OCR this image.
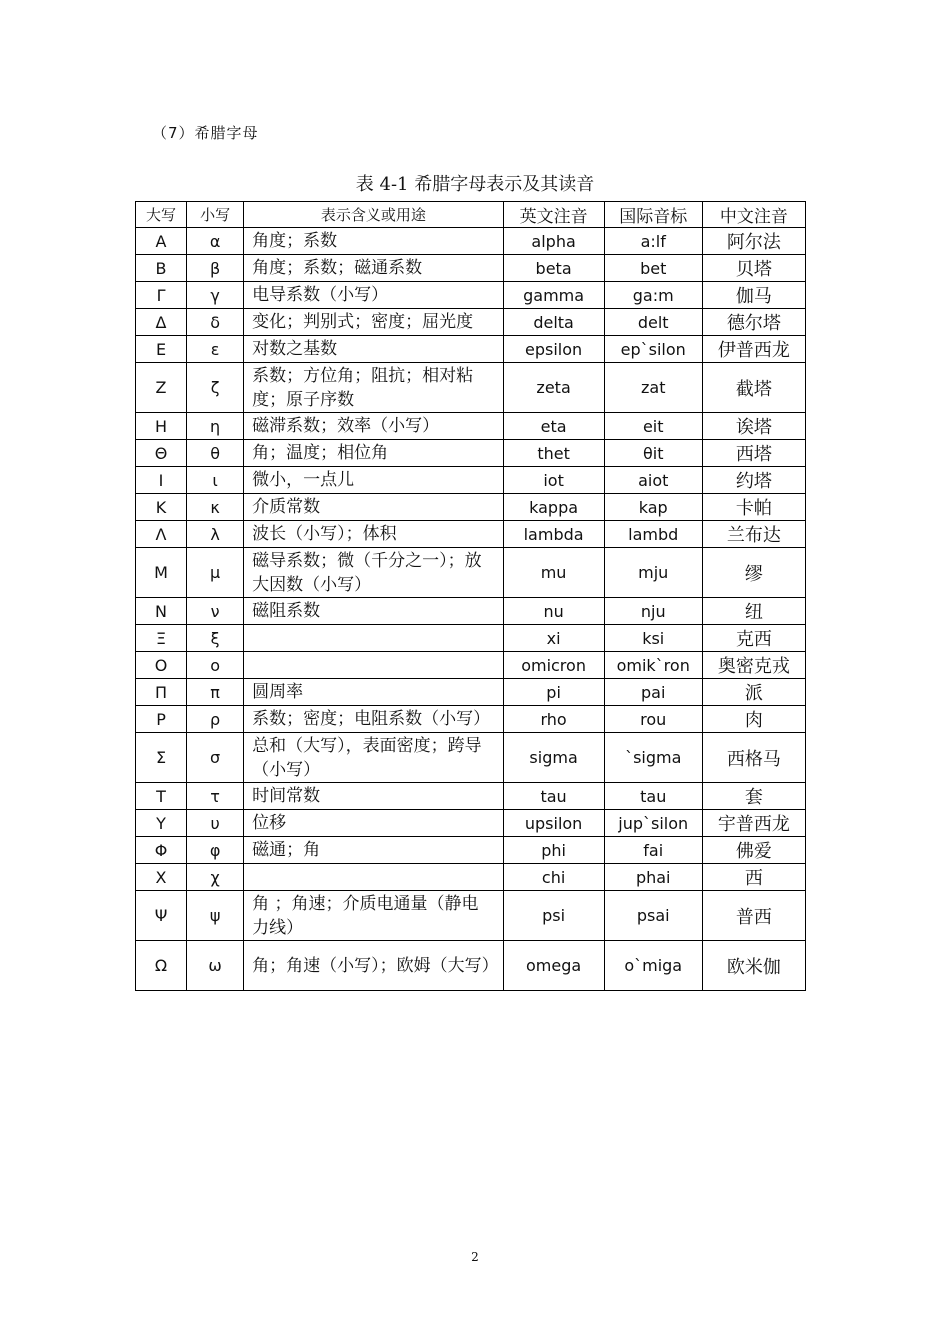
（7）希腊字母
表 4-1 希腊字母表示及其读音
大写	小写	表示含义或用途	英文注音	国际音标	中文注音
Α	α	角度；系数	alpha	a:lf	阿尔法
Β	β	角度；系数；磁通系数	beta	bet	贝塔
Γ	γ	电导系数（小写）	gamma	ga:m	伽马
Δ	δ	变化；判别式；密度；屈光度	delta	delt	德尔塔
Ε	ε	对数之基数	epsilon	ep`silon	伊普西龙
Ζ	ζ	系数；方位角；阻抗；相对粘度；原子序数	zeta	zat	截塔
Η	η	磁滞系数；效率（小写）	eta	eit	诶塔
Θ	θ	角；温度；相位角	thet	θit	西塔
Ι	ι	微小，一点儿	iot	aiot	约塔
Κ	κ	介质常数	kappa	kap	卡帕
Λ	λ	波长（小写）；体积	lambda	lambd	兰布达
Μ	μ	磁导系数；微（千分之一）；放大因数（小写）	mu	mju	缪
Ν	ν	磁阻系数	nu	nju	纽
Ξ	ξ		xi	ksi	克西
Ο	ο		omicron	omik`ron	奥密克戎
Π	π	圆周率	pi	pai	派
Ρ	ρ	系数；密度；电阻系数（小写）	rho	rou	肉
Σ	σ	总和（大写），表面密度；跨导（小写）	sigma	`sigma	西格马
Τ	τ	时间常数	tau	tau	套
Υ	υ	位移	upsilon	jup`silon	宇普西龙
Φ	φ	磁通；角	phi	fai	佛爱
Χ	χ		chi	phai	西
Ψ	ψ	角 ；角速；介质电通量（静电力线）	psi	psai	普西
Ω	ω	角；角速（小写）；欧姆（大写）	omega	o`miga	欧米伽
2
